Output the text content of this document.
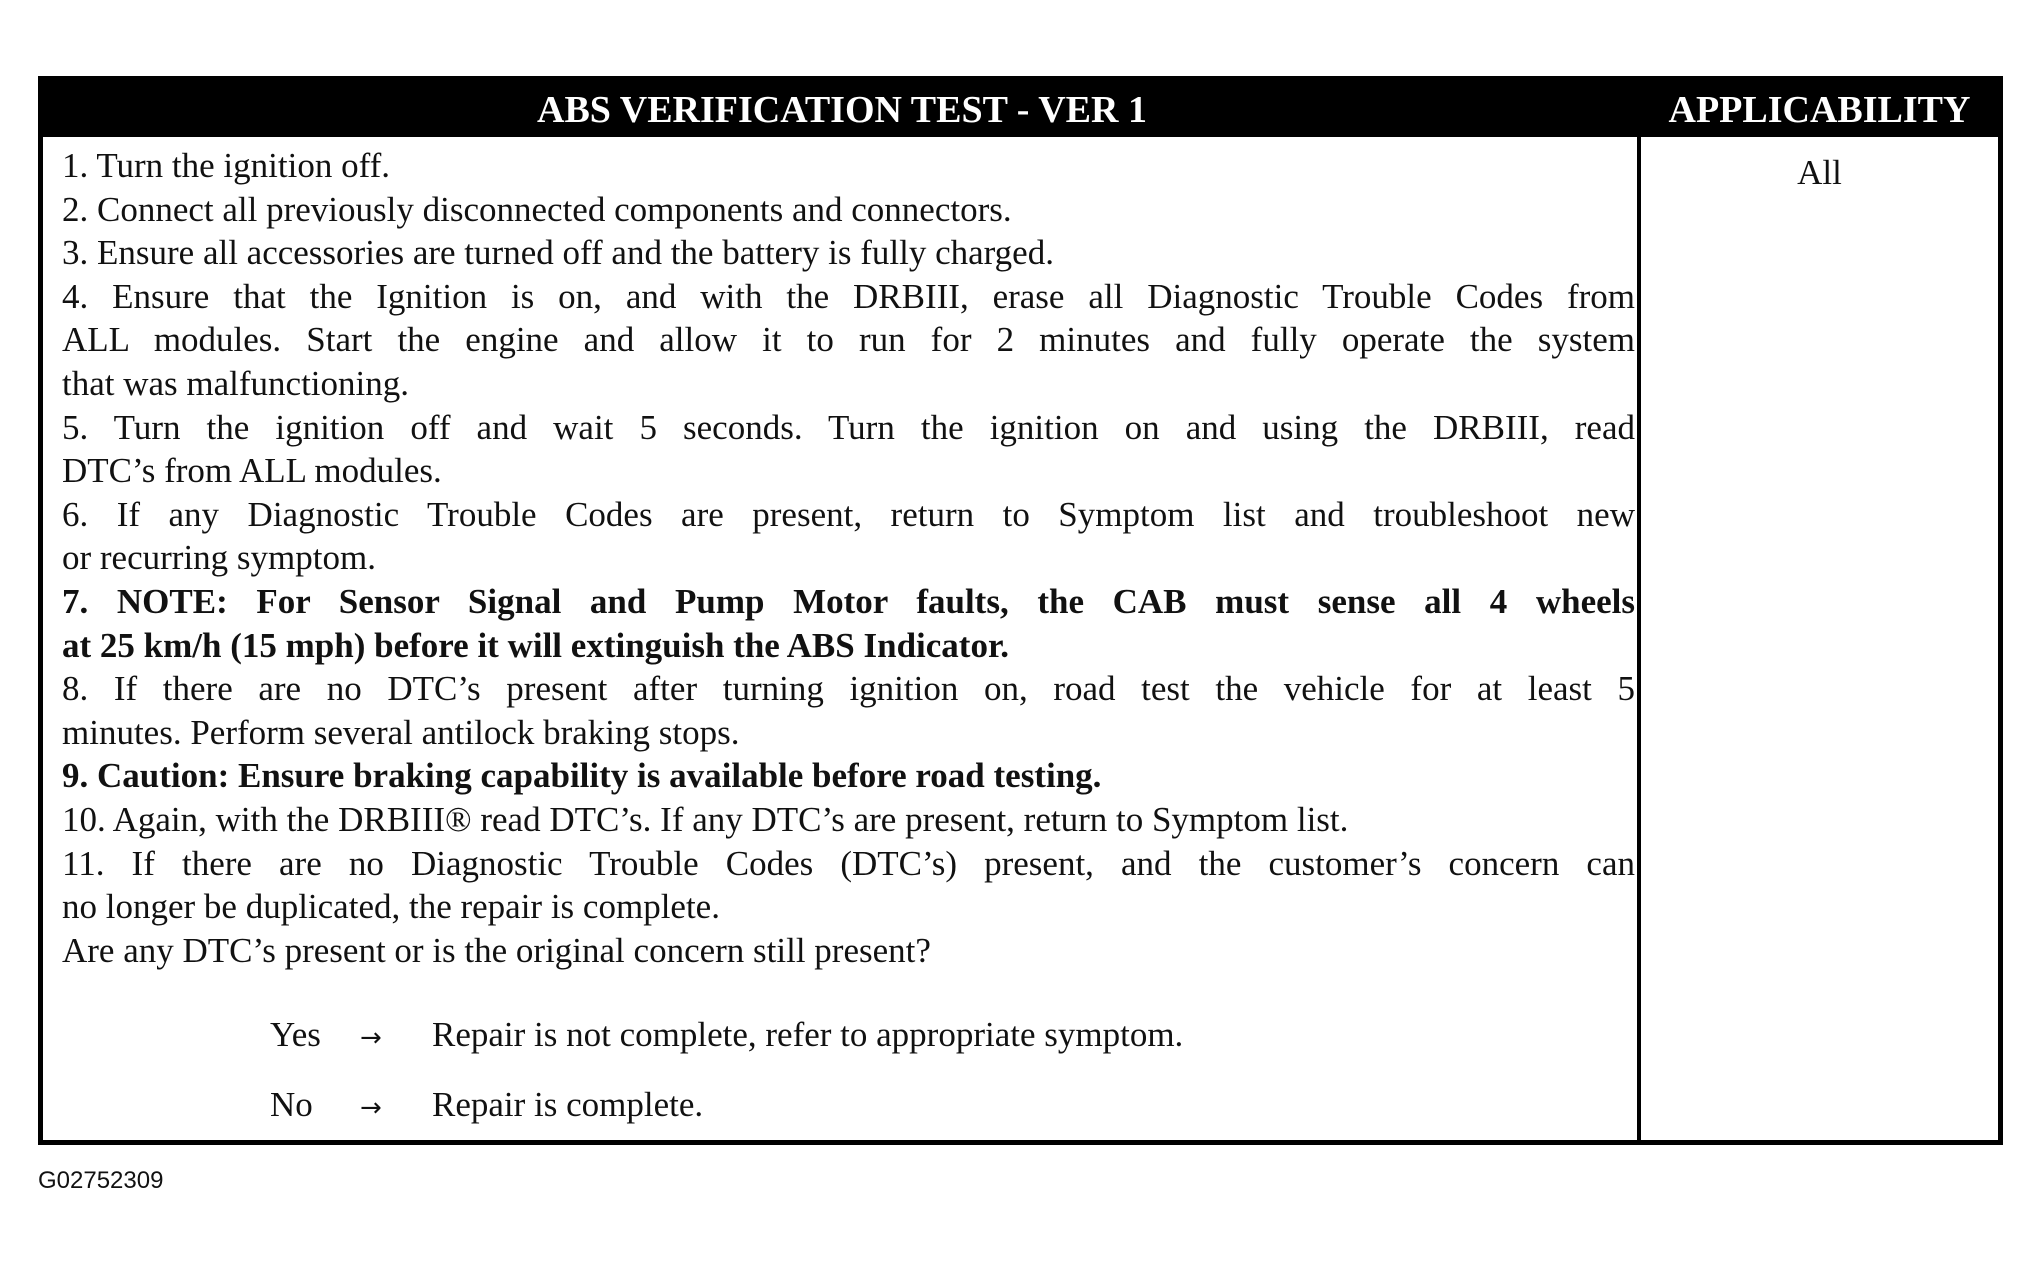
ABS VERIFICATION TEST - VER 1	APPLICABILITY
1. Turn the ignition off.
2. Connect all previously disconnected components and connectors.
3. Ensure all accessories are turned off and the battery is fully charged.
4. Ensure that the Ignition is on, and with the DRBIII, erase all Diagnostic Trouble Codes from
ALL modules. Start the engine and allow it to run for 2 minutes and fully operate the system
that was malfunctioning.
5. Turn the ignition off and wait 5 seconds. Turn the ignition on and using the DRBIII, read
DTC’s from ALL modules.
6. If any Diagnostic Trouble Codes are present, return to Symptom list and troubleshoot new
or recurring symptom.
7. NOTE: For Sensor Signal and Pump Motor faults, the CAB must sense all 4 wheels
at 25 km/h (15 mph) before it will extinguish the ABS Indicator.
8. If there are no DTC’s present after turning ignition on, road test the vehicle for at least 5
minutes. Perform several antilock braking stops.
9. Caution: Ensure braking capability is available before road testing.
10. Again, with the DRBIII® read DTC’s. If any DTC’s are present, return to Symptom list.
11. If there are no Diagnostic Trouble Codes (DTC’s) present, and the customer’s concern can
no longer be duplicated, the repair is complete.
Are any DTC’s present or is the original concern still present?
Yes → Repair is not complete, refer to appropriate symptom.
No → Repair is complete.
All
G02752309
